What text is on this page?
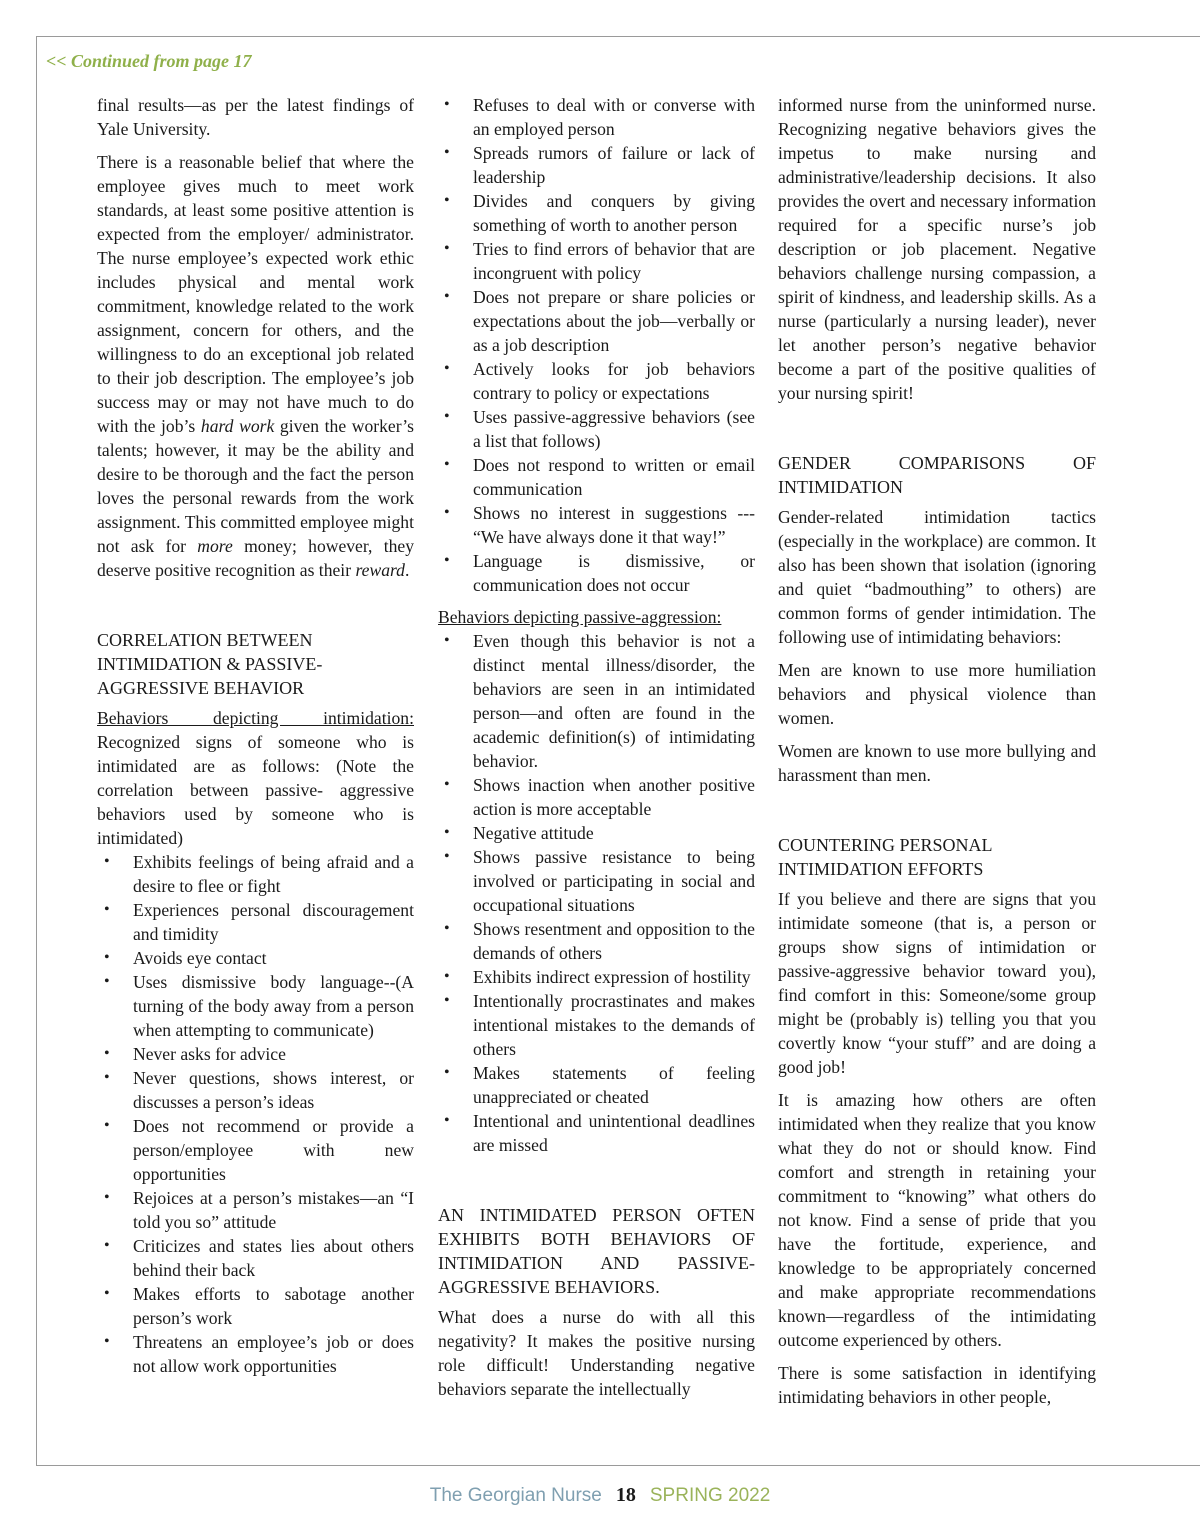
<< Continued from page 17

final results—as per the latest findings of Yale University.

There is a reasonable belief that where the employee gives much to meet work standards, at least some positive attention is expected from the employer/ administrator. The nurse employee’s expected work ethic includes physical and mental work commitment, knowledge related to the work assignment, concern for others, and the willingness to do an exceptional job related to their job description. The employee’s job success may or may not have much to do with the job’s hard work given the worker’s talents; however, it may be the ability and desire to be thorough and the fact the person loves the personal rewards from the work assignment. This committed employee might not ask for more money; however, they deserve positive recognition as their reward.

CORRELATION BETWEEN INTIMIDATION & PASSIVE-AGGRESSIVE BEHAVIOR

Behaviors depicting intimidation: Recognized signs of someone who is intimidated are as follows: (Note the correlation between passive- aggressive behaviors used by someone who is intimidated)

• Exhibits feelings of being afraid and a desire to flee or fight
• Experiences personal discouragement and timidity
• Avoids eye contact
• Uses dismissive body language--(A turning of the body away from a person when attempting to communicate)
• Never asks for advice
• Never questions, shows interest, or discusses a person’s ideas
• Does not recommend or provide a person/employee with new opportunities
• Rejoices at a person’s mistakes—an “I told you so” attitude
• Criticizes and states lies about others behind their back
• Makes efforts to sabotage another person’s work
• Threatens an employee’s job or does not allow work opportunities
• Refuses to deal with or converse with an employed person
• Spreads rumors of failure or lack of leadership
• Divides and conquers by giving something of worth to another person
• Tries to find errors of behavior that are incongruent with policy
• Does not prepare or share policies or expectations about the job—verbally or as a job description
• Actively looks for job behaviors contrary to policy or expectations
• Uses passive-aggressive behaviors (see a list that follows)
• Does not respond to written or email communication
• Shows no interest in suggestions --- “We have always done it that way!”
• Language is dismissive, or communication does not occur
Behaviors depicting passive-aggression:
• Even though this behavior is not a distinct mental illness/disorder, the behaviors are seen in an intimidated person—and often are found in the academic definition(s) of intimidating behavior.
• Shows inaction when another positive action is more acceptable
• Negative attitude
• Shows passive resistance to being involved or participating in social and occupational situations
• Shows resentment and opposition to the demands of others
• Exhibits indirect expression of hostility
• Intentionally procrastinates and makes intentional mistakes to the demands of others
• Makes statements of feeling unappreciated or cheated
• Intentional and unintentional deadlines are missed
AN INTIMIDATED PERSON OFTEN EXHIBITS BOTH BEHAVIORS OF INTIMIDATION AND PASSIVE-AGGRESSIVE BEHAVIORS.

What does a nurse do with all this negativity? It makes the positive nursing role difficult! Understanding negative behaviors separate the intellectually

informed nurse from the uninformed nurse. Recognizing negative behaviors gives the impetus to make nursing and administrative/leadership decisions. It also provides the overt and necessary information required for a specific nurse’s job description or job placement. Negative behaviors challenge nursing compassion, a spirit of kindness, and leadership skills. As a nurse (particularly a nursing leader), never let another person’s negative behavior become a part of the positive qualities of your nursing spirit!

GENDER COMPARISONS OF INTIMIDATION

Gender-related intimidation tactics (especially in the workplace) are common. It also has been shown that isolation (ignoring and quiet “badmouthing” to others) are common forms of gender intimidation. The following use of intimidating behaviors:

Men are known to use more humiliation behaviors and physical violence than women.

Women are known to use more bullying and harassment than men.

COUNTERING PERSONAL INTIMIDATION EFFORTS

If you believe and there are signs that you intimidate someone (that is, a person or groups show signs of intimidation or passive-aggressive behavior toward you), find comfort in this: Someone/some group might be (probably is) telling you that you covertly know “your stuff” and are doing a good job!

It is amazing how others are often intimidated when they realize that you know what they do not or should know. Find comfort and strength in retaining your commitment to “knowing” what others do not know. Find a sense of pride that you have the fortitude, experience, and knowledge to be appropriately concerned and make appropriate recommendations known—regardless of the intimidating outcome experienced by others.

There is some satisfaction in identifying intimidating behaviors in other people,

The Georgian Nurse 18 SPRING 2022
